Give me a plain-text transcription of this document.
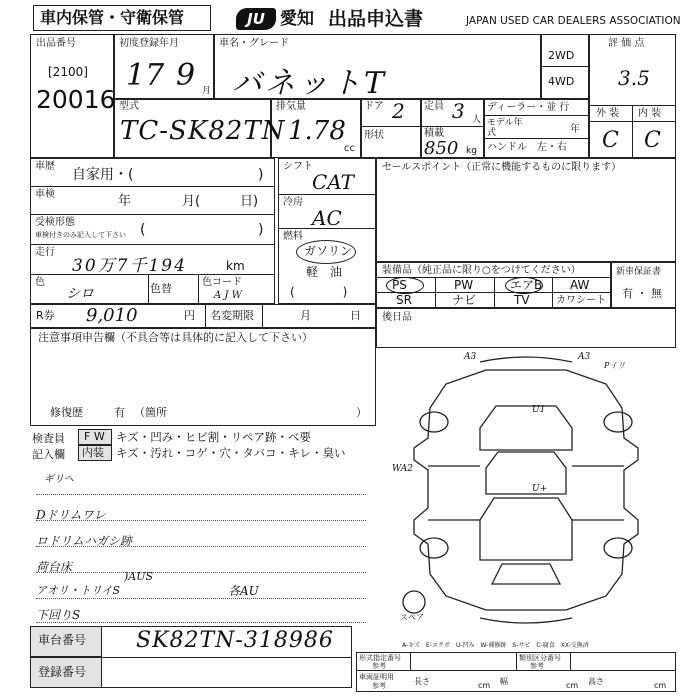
車内保管・守衛保管	JU 愛知 出品申込書	JAPAN USED CAR DEALERS ASSOCIATION
出品番号
[2100]
20016
初度登録年月
17 9 月
車名・グレード
バネットT
2WD
4WD
評 価 点
3.5
外 装 内 装
C C
型式
TC-SK82TN
排気量
1.78
cc
ドア 2 定員 3 人
形状	積載
850 kg
ディーラー・並 行
モデル年式	年
ハンドル　左・右
車歴
自家用・(	)
車検	年	月(	日)
受検形態
車検付きのみ記入して下さい (	)
走行
30万7千194	km
色
シロ	色替	色コード
A J W
シフト
CAT
冷房
AC
燃料
ガソリン
軽　油
(　　　　)
セールスポイント（正常に機能するものに限ります）
装備品（純正品に限り○をつけてください）
PS	PW	エアB AW
SR	ナビ	TV	カワシート
新車保証書
有 ・ 無
R券 9,010	円 名変期限	月	日 後日品
注意事項申告欄（不具合等は具体的に記入して下さい）
修復歴	有 （箇所	）
検査員
記入欄
F W
内装
キズ・凹み・ヒビ割・リペア跡・べ要
キズ・汚れ・コゲ・穴・タバコ・キレ・臭い
ギリヘ
Dドリムワレ
ロドリムハガシ跡
荷台床
アオリ・トリイS
)AUS
各AU
下回りS
A3	A3
Pイリ
U1
WA2
U+
スペア
A-キズ　E-エクボ　U-凹み　W-補修跡　S-サビ　C-腐食　XX-交換済
車台番号 SK82TN-318986
登録番号
形式指定番号
参考
類別区分番号
参考
車両証明用
参考	長さ	cm 幅	cm 高さ	cm
